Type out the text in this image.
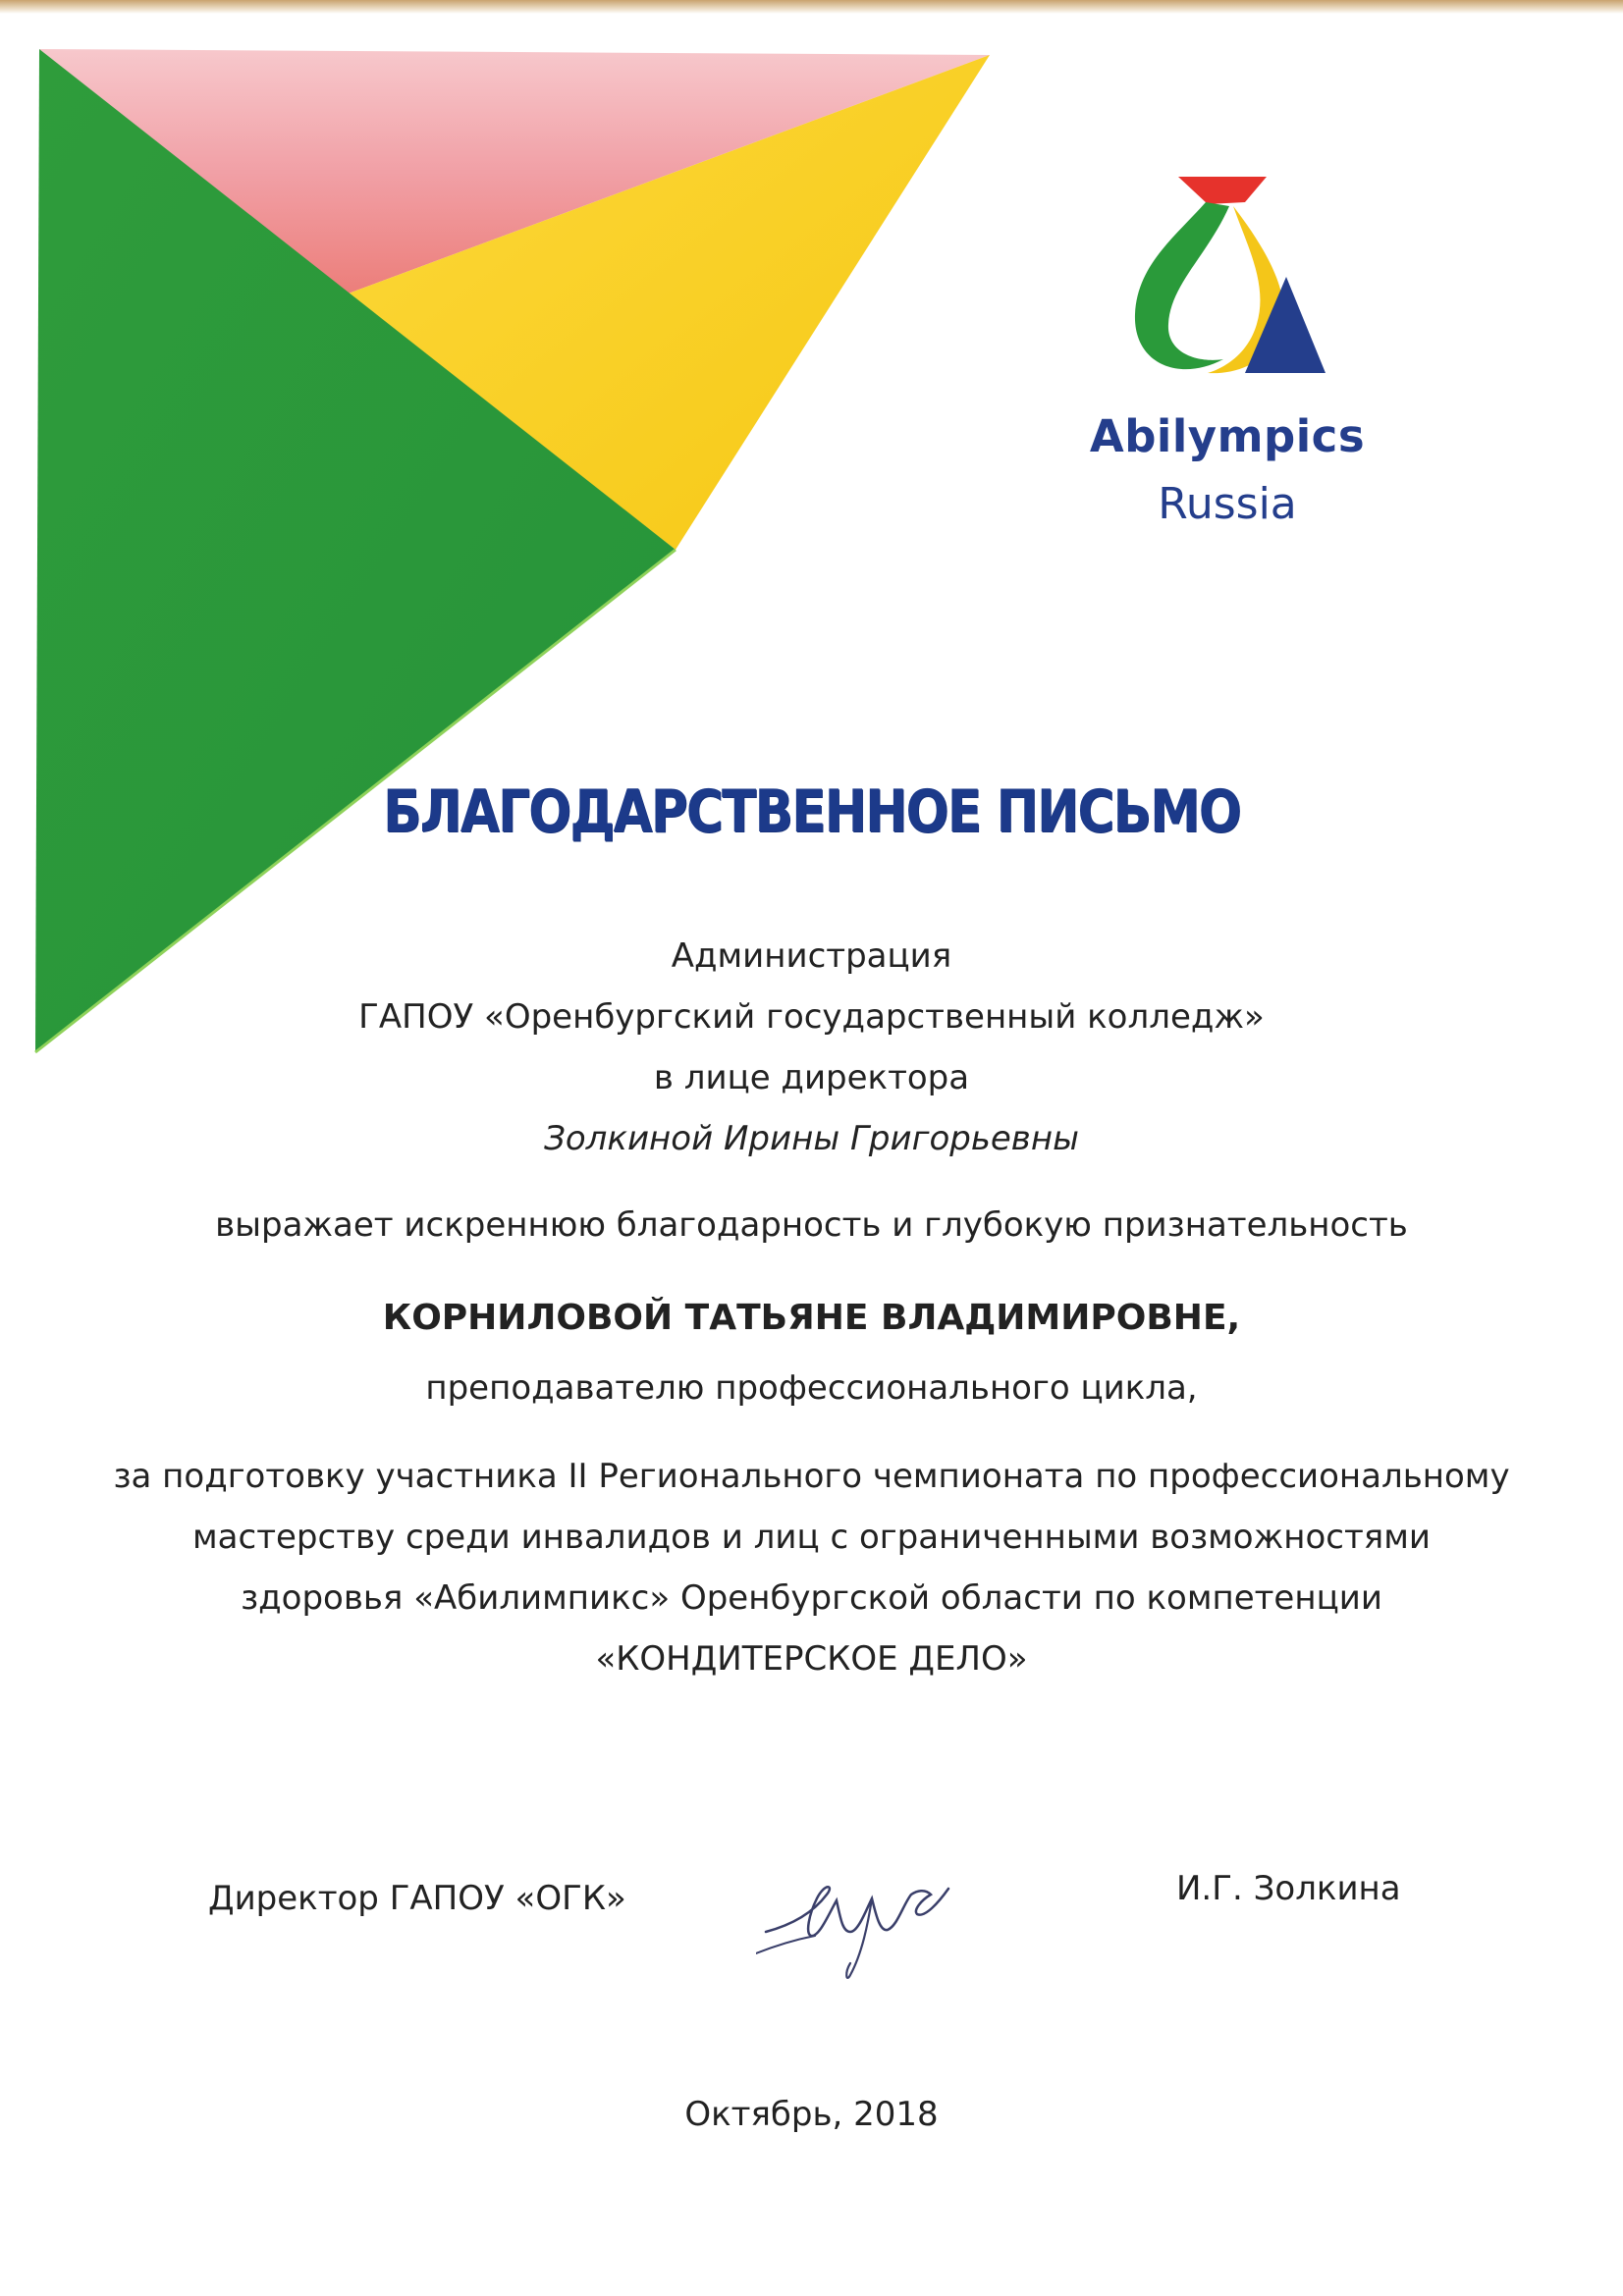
Abilympics
Russia
БЛАГОДАРСТВЕННОЕ ПИСЬМО
Администрация
ГАПОУ «Оренбургский государственный колледж»
в лице директора
Золкиной Ирины Григорьевны
выражает искреннюю благодарность и глубокую признательность
КОРНИЛОВОЙ ТАТЬЯНЕ ВЛАДИМИРОВНЕ,
преподавателю профессионального цикла,
за подготовку участника II Регионального чемпионата по профессиональному
мастерству среди инвалидов и лиц с ограниченными возможностями
здоровья «Абилимпикс» Оренбургской области по компетенции
«КОНДИТЕРСКОЕ ДЕЛО»
Директор ГАПОУ «ОГК»	И.Г. Золкина
Октябрь, 2018
